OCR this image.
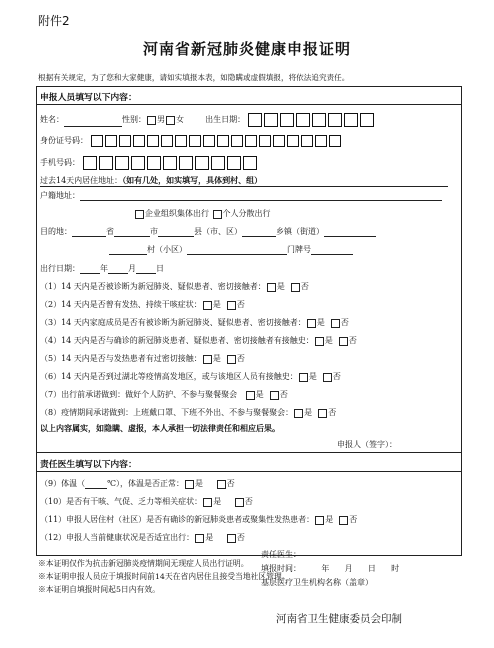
附件2
河南省新冠肺炎健康申报证明
根据有关规定，为了您和大家健康，请如实填报本表，如隐瞒或虚假填报，将依法追究责任。
申报人员填写以下内容：
姓名：	性别： 男 女	出生日期：
身份证号码：
手机号码：
过去14天内居住地址：（如有几处，如实填写，具体到村、组）
户籍地址：
企业组织集体出行 个人分散出行
目的地：	省	市	县（市、区）	乡镇（街道）
村（小区）	门牌号
出行日期：	年	月	日
（1）14 天内是否被诊断为新冠肺炎、疑似患者、密切接触者： 是 否
（2）14 天内是否曾有发热、持续干咳症状： 是 否
（3）14 天内家庭成员是否有被诊断为新冠肺炎、疑似患者、密切接触者： 是 否
（4）14 天内是否与确诊的新冠肺炎患者、疑似患者、密切接触者有接触史： 是 否
（5）14 天内是否与发热患者有过密切接触： 是 否
（6）14 天内是否到过湖北等疫情高发地区，或与该地区人员有接触史： 是 否
（7）出行前承诺做到：做好个人防护、不参与聚餐聚会 是 否
（8）疫情期间承诺做到：上班戴口罩、下班不外出、不参与聚餐聚会： 是 否
以上内容属实，如隐瞒、虚报，本人承担一切法律责任和相应后果。
申报人（签字）：
责任医生填写以下内容：
（9）体温（	℃），体温是否正常： 是	否
（10）是否有干咳、气促、乏力等相关症状： 是	否
（11）申报人居住村（社区）是否有确诊的新冠肺炎患者或聚集性发热患者： 是 否
（12）申报人当前健康状况是否适宜出行： 是	否
责任医生：
填报时间：	年 月 日 时
基层医疗卫生机构名称（盖章）
※本证明仅作为抗击新冠肺炎疫情期间无现症人员出行证明。
※本证明申报人员应于填报时间前14天在省内居住且接受当地社区管理。
※本证明自填报时间起5日内有效。
河南省卫生健康委员会印制
